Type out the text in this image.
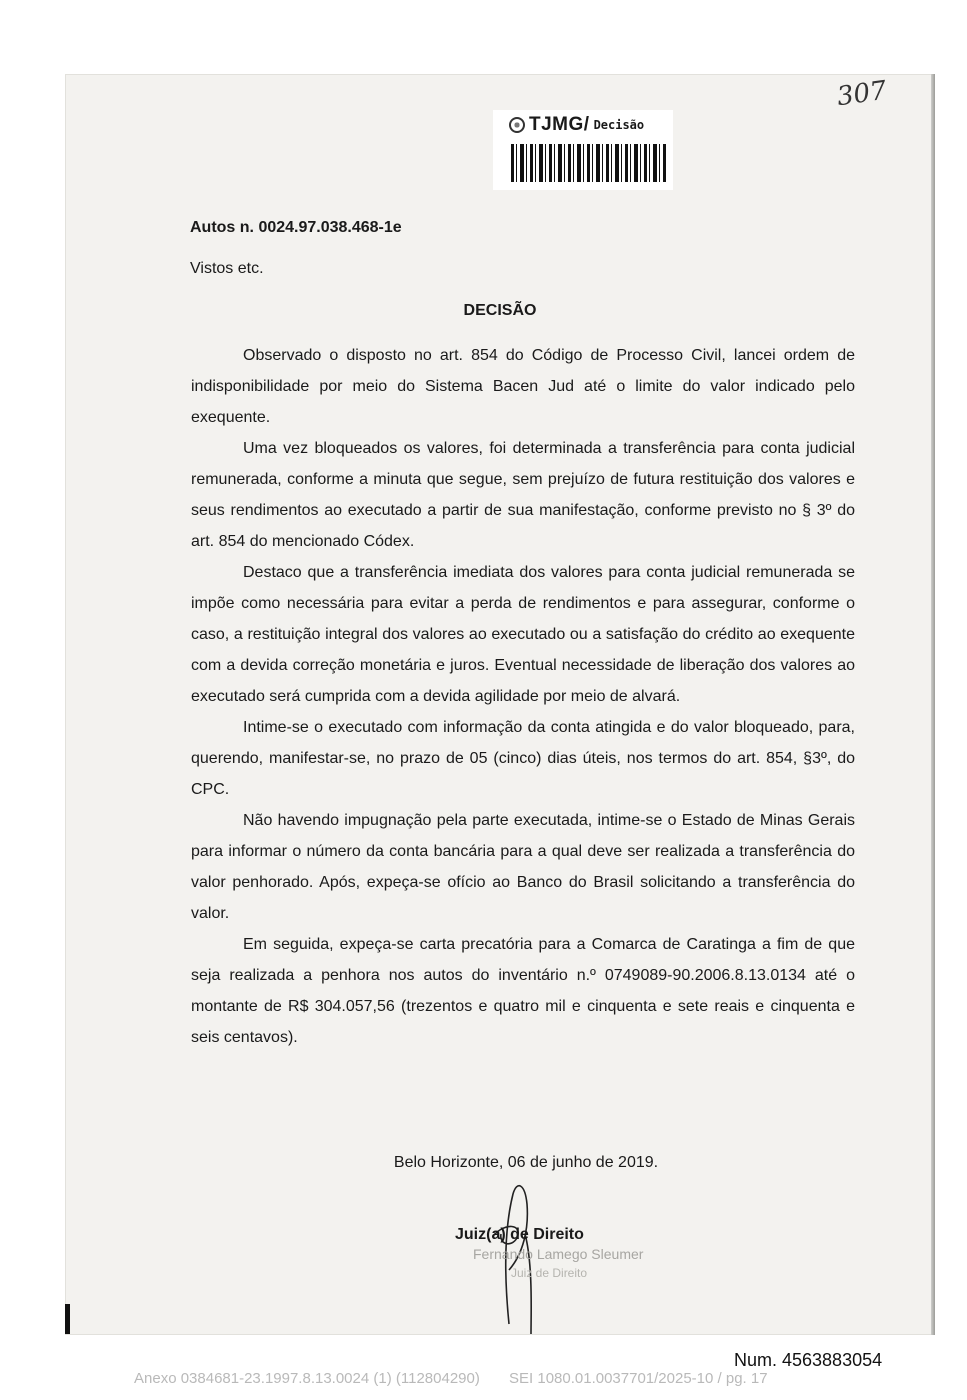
307
TJMG/ Decisão
Autos n. 0024.97.038.468-1e
Vistos etc.
DECISÃO

Observado o disposto no art. 854 do Código de Processo Civil, lancei ordem de indisponibilidade por meio do Sistema Bacen Jud até o limite do valor indicado pelo exequente.

Uma vez bloqueados os valores, foi determinada a transferência para conta judicial remunerada, conforme a minuta que segue, sem prejuízo de futura restituição dos valores e seus rendimentos ao executado a partir de sua manifestação, conforme previsto no § 3º do art. 854 do mencionado Códex.

Destaco que a transferência imediata dos valores para conta judicial remunerada se impõe como necessária para evitar a perda de rendimentos e para assegurar, conforme o caso, a restituição integral dos valores ao executado ou a satisfação do crédito ao exequente com a devida correção monetária e juros. Eventual necessidade de liberação dos valores ao executado será cumprida com a devida agilidade por meio de alvará.

Intime-se o executado com informação da conta atingida e do valor bloqueado, para, querendo, manifestar-se, no prazo de 05 (cinco) dias úteis, nos termos do art. 854, §3º, do CPC.

Não havendo impugnação pela parte executada, intime-se o Estado de Minas Gerais para informar o número da conta bancária para a qual deve ser realizada a transferência do valor penhorado. Após, expeça-se ofício ao Banco do Brasil solicitando a transferência do valor.

Em seguida, expeça-se carta precatória para a Comarca de Caratinga a fim de que seja realizada a penhora nos autos do inventário n.º 0749089-90.2006.8.13.0134 até o montante de R$ 304.057,56 (trezentos e quatro mil e cinquenta e sete reais e cinquenta e seis centavos).

Belo Horizonte, 06 de junho de 2019.
Juiz(a) de Direito
Fernando Lamego Sleumer
Juiz de Direito
Num. 4563883054
Anexo 0384681-23.1997.8.13.0024 (1) (112804290)       SEI 1080.01.0037701/2025-10 / pg. 17
